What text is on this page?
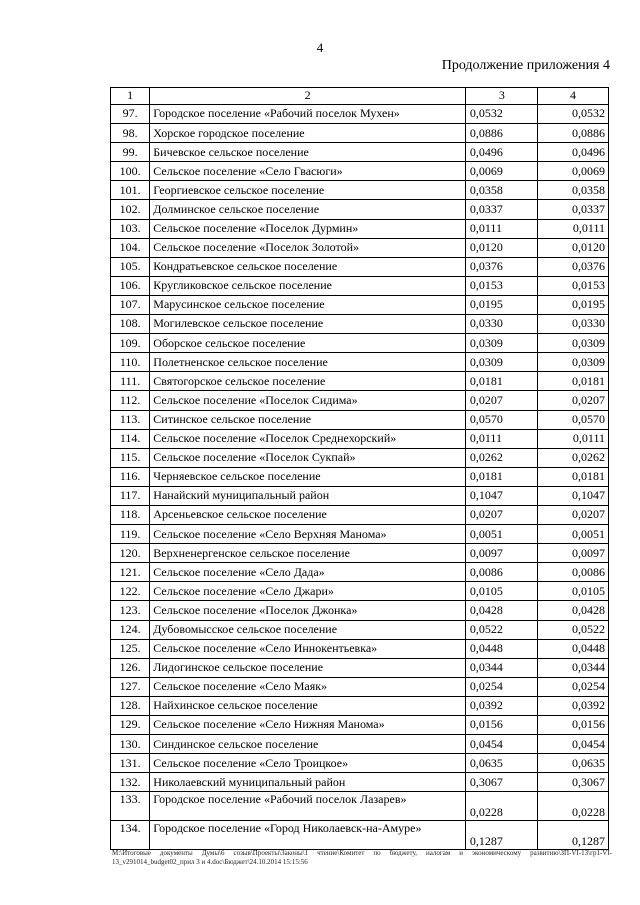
4
Продолжение приложения 4
1	2	3	4
97.	Городское поселение «Рабочий поселок Мухен»	0,0532	0,0532
98.	Хорское городское поселение	0,0886	0,0886
99.	Бичевское сельское поселение	0,0496	0,0496
100.	Сельское поселение «Село Гвасюги»	0,0069	0,0069
101.	Георгиевское сельское поселение	0,0358	0,0358
102.	Долминское сельское поселение	0,0337	0,0337
103.	Сельское поселение «Поселок Дурмин»	0,0111	0,0111
104.	Сельское поселение «Поселок Золотой»	0,0120	0,0120
105.	Кондратьевское сельское поселение	0,0376	0,0376
106.	Кругликовское сельское поселение	0,0153	0,0153
107.	Марусинское сельское поселение	0,0195	0,0195
108.	Могилевское сельское поселение	0,0330	0,0330
109.	Оборское сельское поселение	0,0309	0,0309
110.	Полетненское сельское поселение	0,0309	0,0309
111.	Святогорское сельское поселение	0,0181	0,0181
112.	Сельское поселение «Поселок Сидима»	0,0207	0,0207
113.	Ситинское сельское поселение	0,0570	0,0570
114.	Сельское поселение «Поселок Среднехорский»	0,0111	0,0111
115.	Сельское поселение «Поселок Сукпай»	0,0262	0,0262
116.	Черняевское сельское поселение	0,0181	0,0181
117.	Нанайский муниципальный район	0,1047	0,1047
118.	Арсеньевское сельское поселение	0,0207	0,0207
119.	Сельское поселение «Село Верхняя Манома»	0,0051	0,0051
120.	Верхненергенское сельское поселение	0,0097	0,0097
121.	Сельское поселение «Село Дада»	0,0086	0,0086
122.	Сельское поселение «Село Джари»	0,0105	0,0105
123.	Сельское поселение «Поселок Джонка»	0,0428	0,0428
124.	Дубовомысское сельское поселение	0,0522	0,0522
125.	Сельское поселение «Село Иннокентьевка»	0,0448	0,0448
126.	Лидогинское сельское поселение	0,0344	0,0344
127.	Сельское поселение «Село Маяк»	0,0254	0,0254
128.	Найхинское сельское поселение	0,0392	0,0392
129.	Сельское поселение «Село Нижняя Манома»	0,0156	0,0156
130.	Синдинское сельское поселение	0,0454	0,0454
131.	Сельское поселение «Село Троицкое»	0,0635	0,0635
132.	Николаевский муниципальный район	0,3067	0,3067
133.	Городское поселение «Рабочий поселок Лазарев»	0,0228	0,0228
134.	Городское поселение «Город Николаевск-на-Амуре»	0,1287	0,1287
M:\Итоговые документы Думы\6 созыв\Проекты\Законы\1 чтение\Комитет по бюджету, налогам и экономическому развитию\ЗП-VI-13\гр1-VI-13_v291014_budget02_прил 3 и 4.doc\Бюджет\24.10.2014 15:15:56
